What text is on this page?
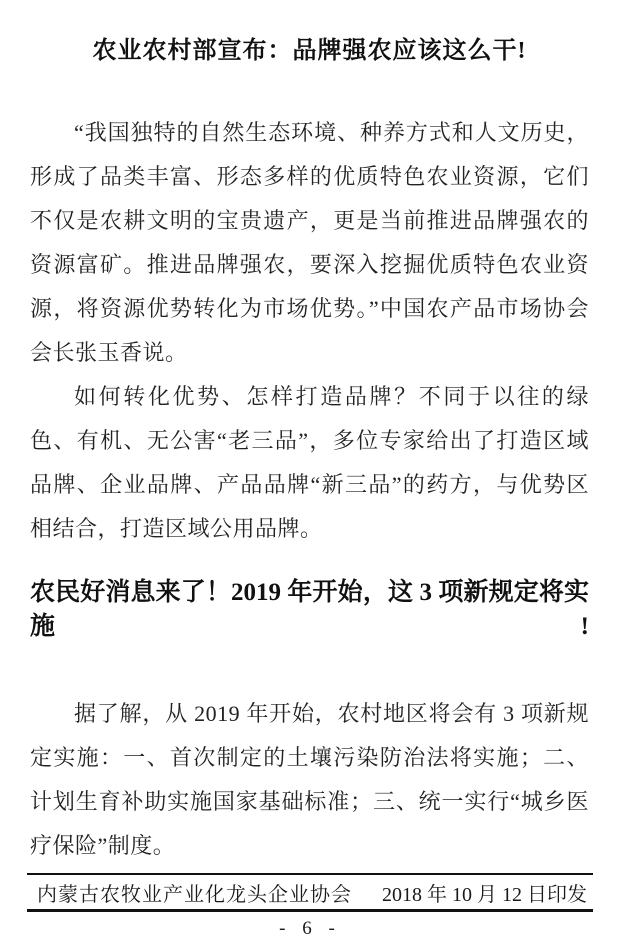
农业农村部宣布：品牌强农应该这么干!

“我国独特的自然生态环境、种养方式和人文历史，形成了品类丰富、形态多样的优质特色农业资源，它们不仅是农耕文明的宝贵遗产，更是当前推进品牌强农的资源富矿。推进品牌强农，要深入挖掘优质特色农业资源，将资源优势转化为市场优势。”中国农产品市场协会会长张玉香说。

如何转化优势、怎样打造品牌？不同于以往的绿色、有机、无公害“老三品”，多位专家给出了打造区域品牌、企业品牌、产品品牌“新三品”的药方，与优势区相结合，打造区域公用品牌。

农民好消息来了！2019 年开始，这 3 项新规定将实施!

据了解，从 2019 年开始，农村地区将会有 3 项新规定实施：一、首次制定的土壤污染防治法将实施；二、计划生育补助实施国家基础标准；三、统一实行“城乡医疗保险”制度。

内蒙古农牧业产业化龙头企业协会 2018 年 10 月 12 日印发
- 6 -
